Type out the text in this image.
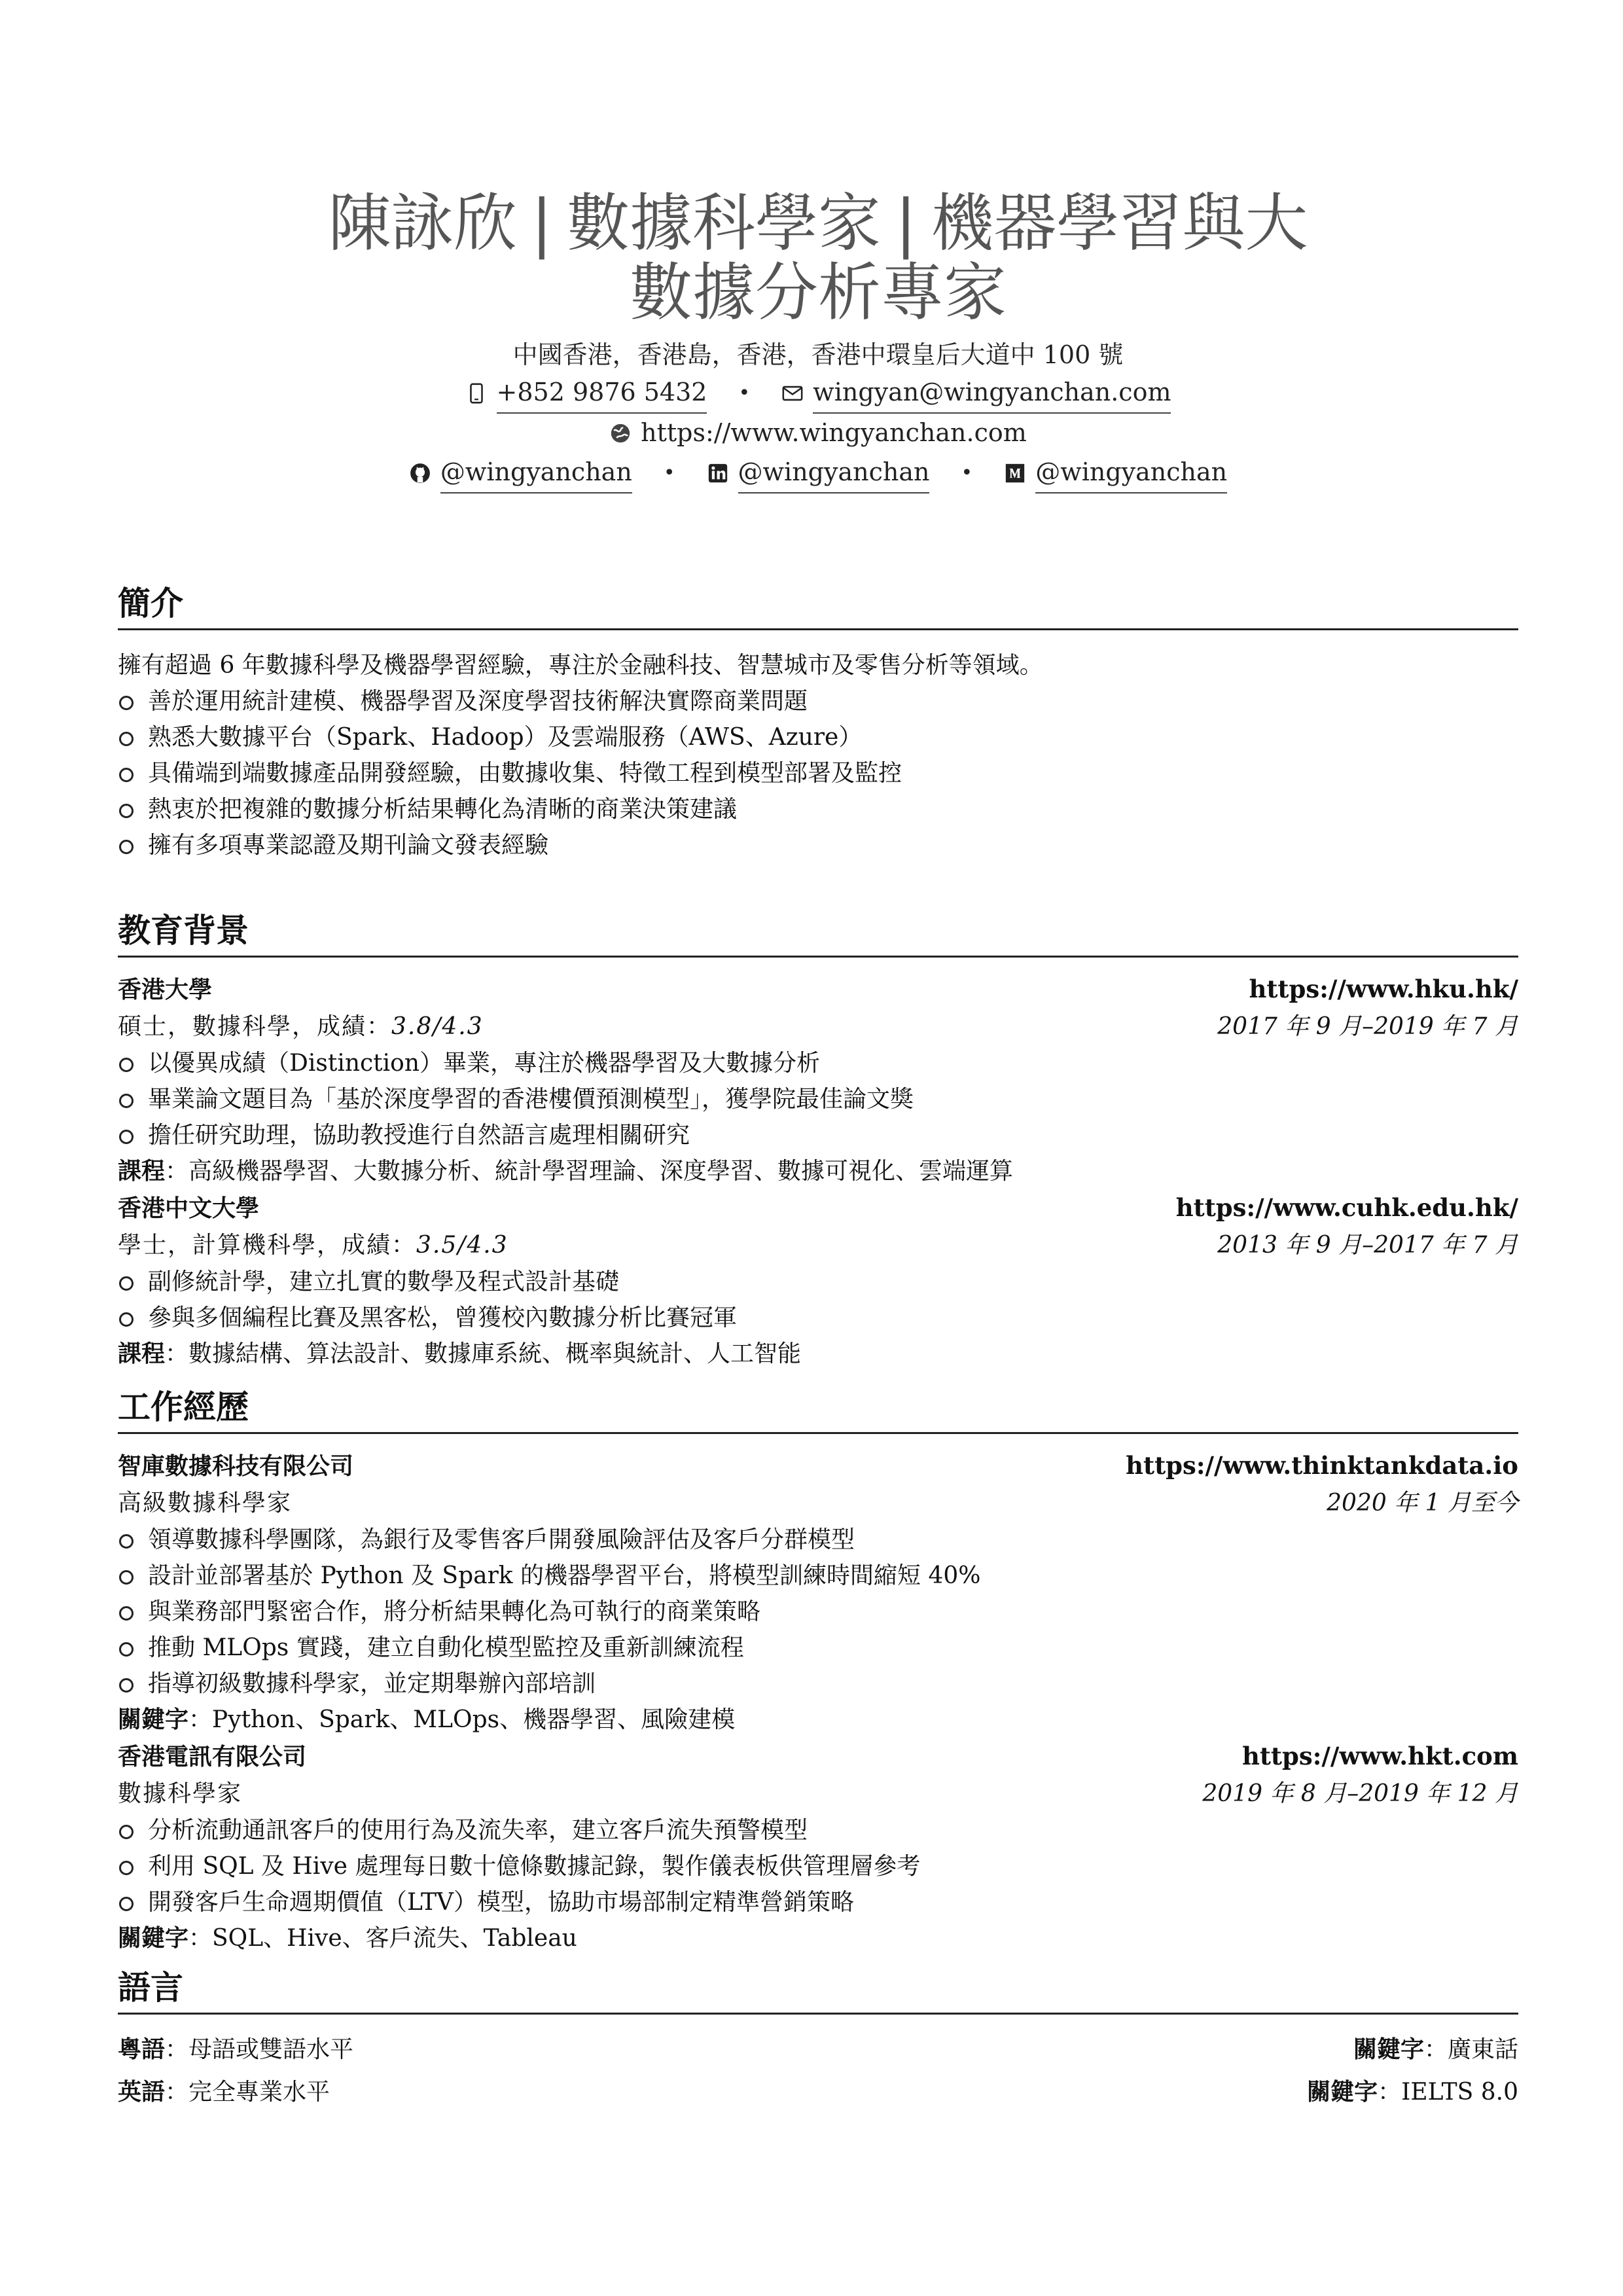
陳詠欣 | 數據科學家 | 機器學習與大
數據分析專家
中國香港，香港島，香港，香港中環皇后大道中 100 號
+852 9876 5432 •	wingyan@wingyanchan.com
https://www.wingyanchan.com
@wingyanchan •	@wingyanchan •	@wingyanchan
簡介
擁有超過 6 年數據科學及機器學習經驗，專注於金融科技、智慧城市及零售分析等領域。
善於運用統計建模、機器學習及深度學習技術解決實際商業問題
熟悉大數據平台（Spark、Hadoop）及雲端服務（AWS、Azure）
具備端到端數據產品開發經驗，由數據收集、特徵工程到模型部署及監控
熱衷於把複雜的數據分析結果轉化為清晰的商業決策建議
擁有多項專業認證及期刊論文發表經驗
教育背景
香港大學	https://www.hku.hk/
碩士，數據科學，成績：3.8/4.3	2017 年 9 月–2019 年 7 月
以優異成績（Distinction）畢業，專注於機器學習及大數據分析
畢業論文題目為「基於深度學習的香港樓價預測模型」，獲學院最佳論文獎
擔任研究助理，協助教授進行自然語言處理相關研究
課程：高級機器學習、大數據分析、統計學習理論、深度學習、數據可視化、雲端運算
香港中文大學	https://www.cuhk.edu.hk/
學士，計算機科學，成績：3.5/4.3	2013 年 9 月–2017 年 7 月
副修統計學，建立扎實的數學及程式設計基礎
參與多個編程比賽及黑客松，曾獲校內數據分析比賽冠軍
課程：數據結構、算法設計、數據庫系統、概率與統計、人工智能
工作經歷
智庫數據科技有限公司	https://www.thinktankdata.io
高級數據科學家	2020 年 1 月至今
領導數據科學團隊，為銀行及零售客戶開發風險評估及客戶分群模型
設計並部署基於 Python 及 Spark 的機器學習平台，將模型訓練時間縮短 40%
與業務部門緊密合作，將分析結果轉化為可執行的商業策略
推動 MLOps 實踐，建立自動化模型監控及重新訓練流程
指導初級數據科學家，並定期舉辦內部培訓
關鍵字：Python、Spark、MLOps、機器學習、風險建模
香港電訊有限公司	https://www.hkt.com
數據科學家	2019 年 8 月–2019 年 12 月
分析流動通訊客戶的使用行為及流失率，建立客戶流失預警模型
利用 SQL 及 Hive 處理每日數十億條數據記錄，製作儀表板供管理層參考
開發客戶生命週期價值（LTV）模型，協助市場部制定精準營銷策略
關鍵字：SQL、Hive、客戶流失、Tableau
語言
粵語：母語或雙語水平	關鍵字：廣東話
英語：完全專業水平	關鍵字：IELTS 8.0
